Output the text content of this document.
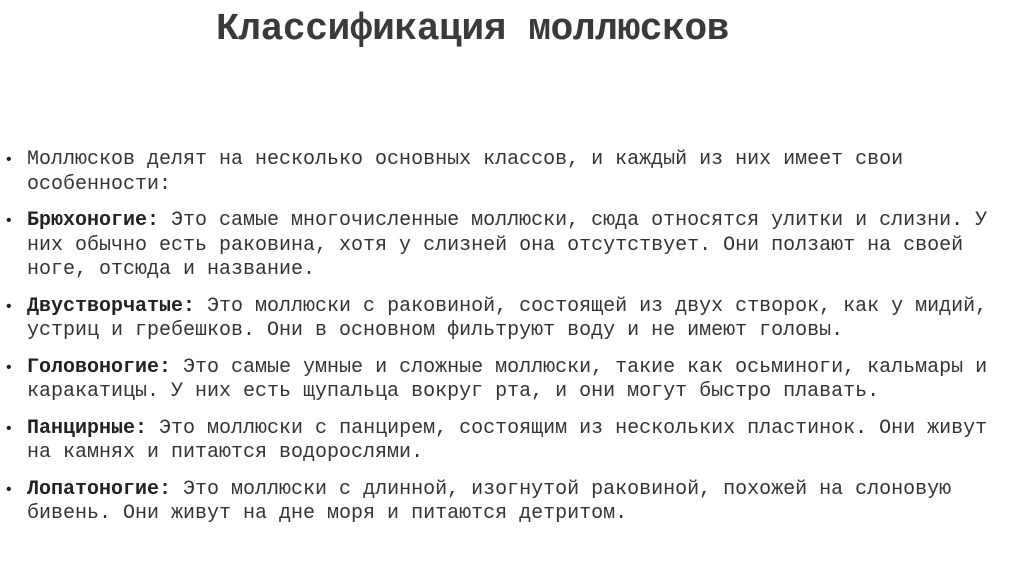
Классификация моллюсков
• Моллюсков делят на несколько основных классов, и каждый из них имеет свои особенности:
• Брюхоногие: Это самые многочисленные моллюски, сюда относятся улитки и слизни. У них обычно есть раковина, хотя у слизней она отсутствует. Они ползают на своей ноге, отсюда и название.
• Двустворчатые: Это моллюски с раковиной, состоящей из двух створок, как у мидий, устриц и гребешков. Они в основном фильтруют воду и не имеют головы.
• Головоногие: Это самые умные и сложные моллюски, такие как осьминоги, кальмары и каракатицы. У них есть щупальца вокруг рта, и они могут быстро плавать.
• Панцирные: Это моллюски с панцирем, состоящим из нескольких пластинок. Они живут на камнях и питаются водорослями.
• Лопатоногие: Это моллюски с длинной, изогнутой раковиной, похожей на слоновую бивень. Они живут на дне моря и питаются детритом.
